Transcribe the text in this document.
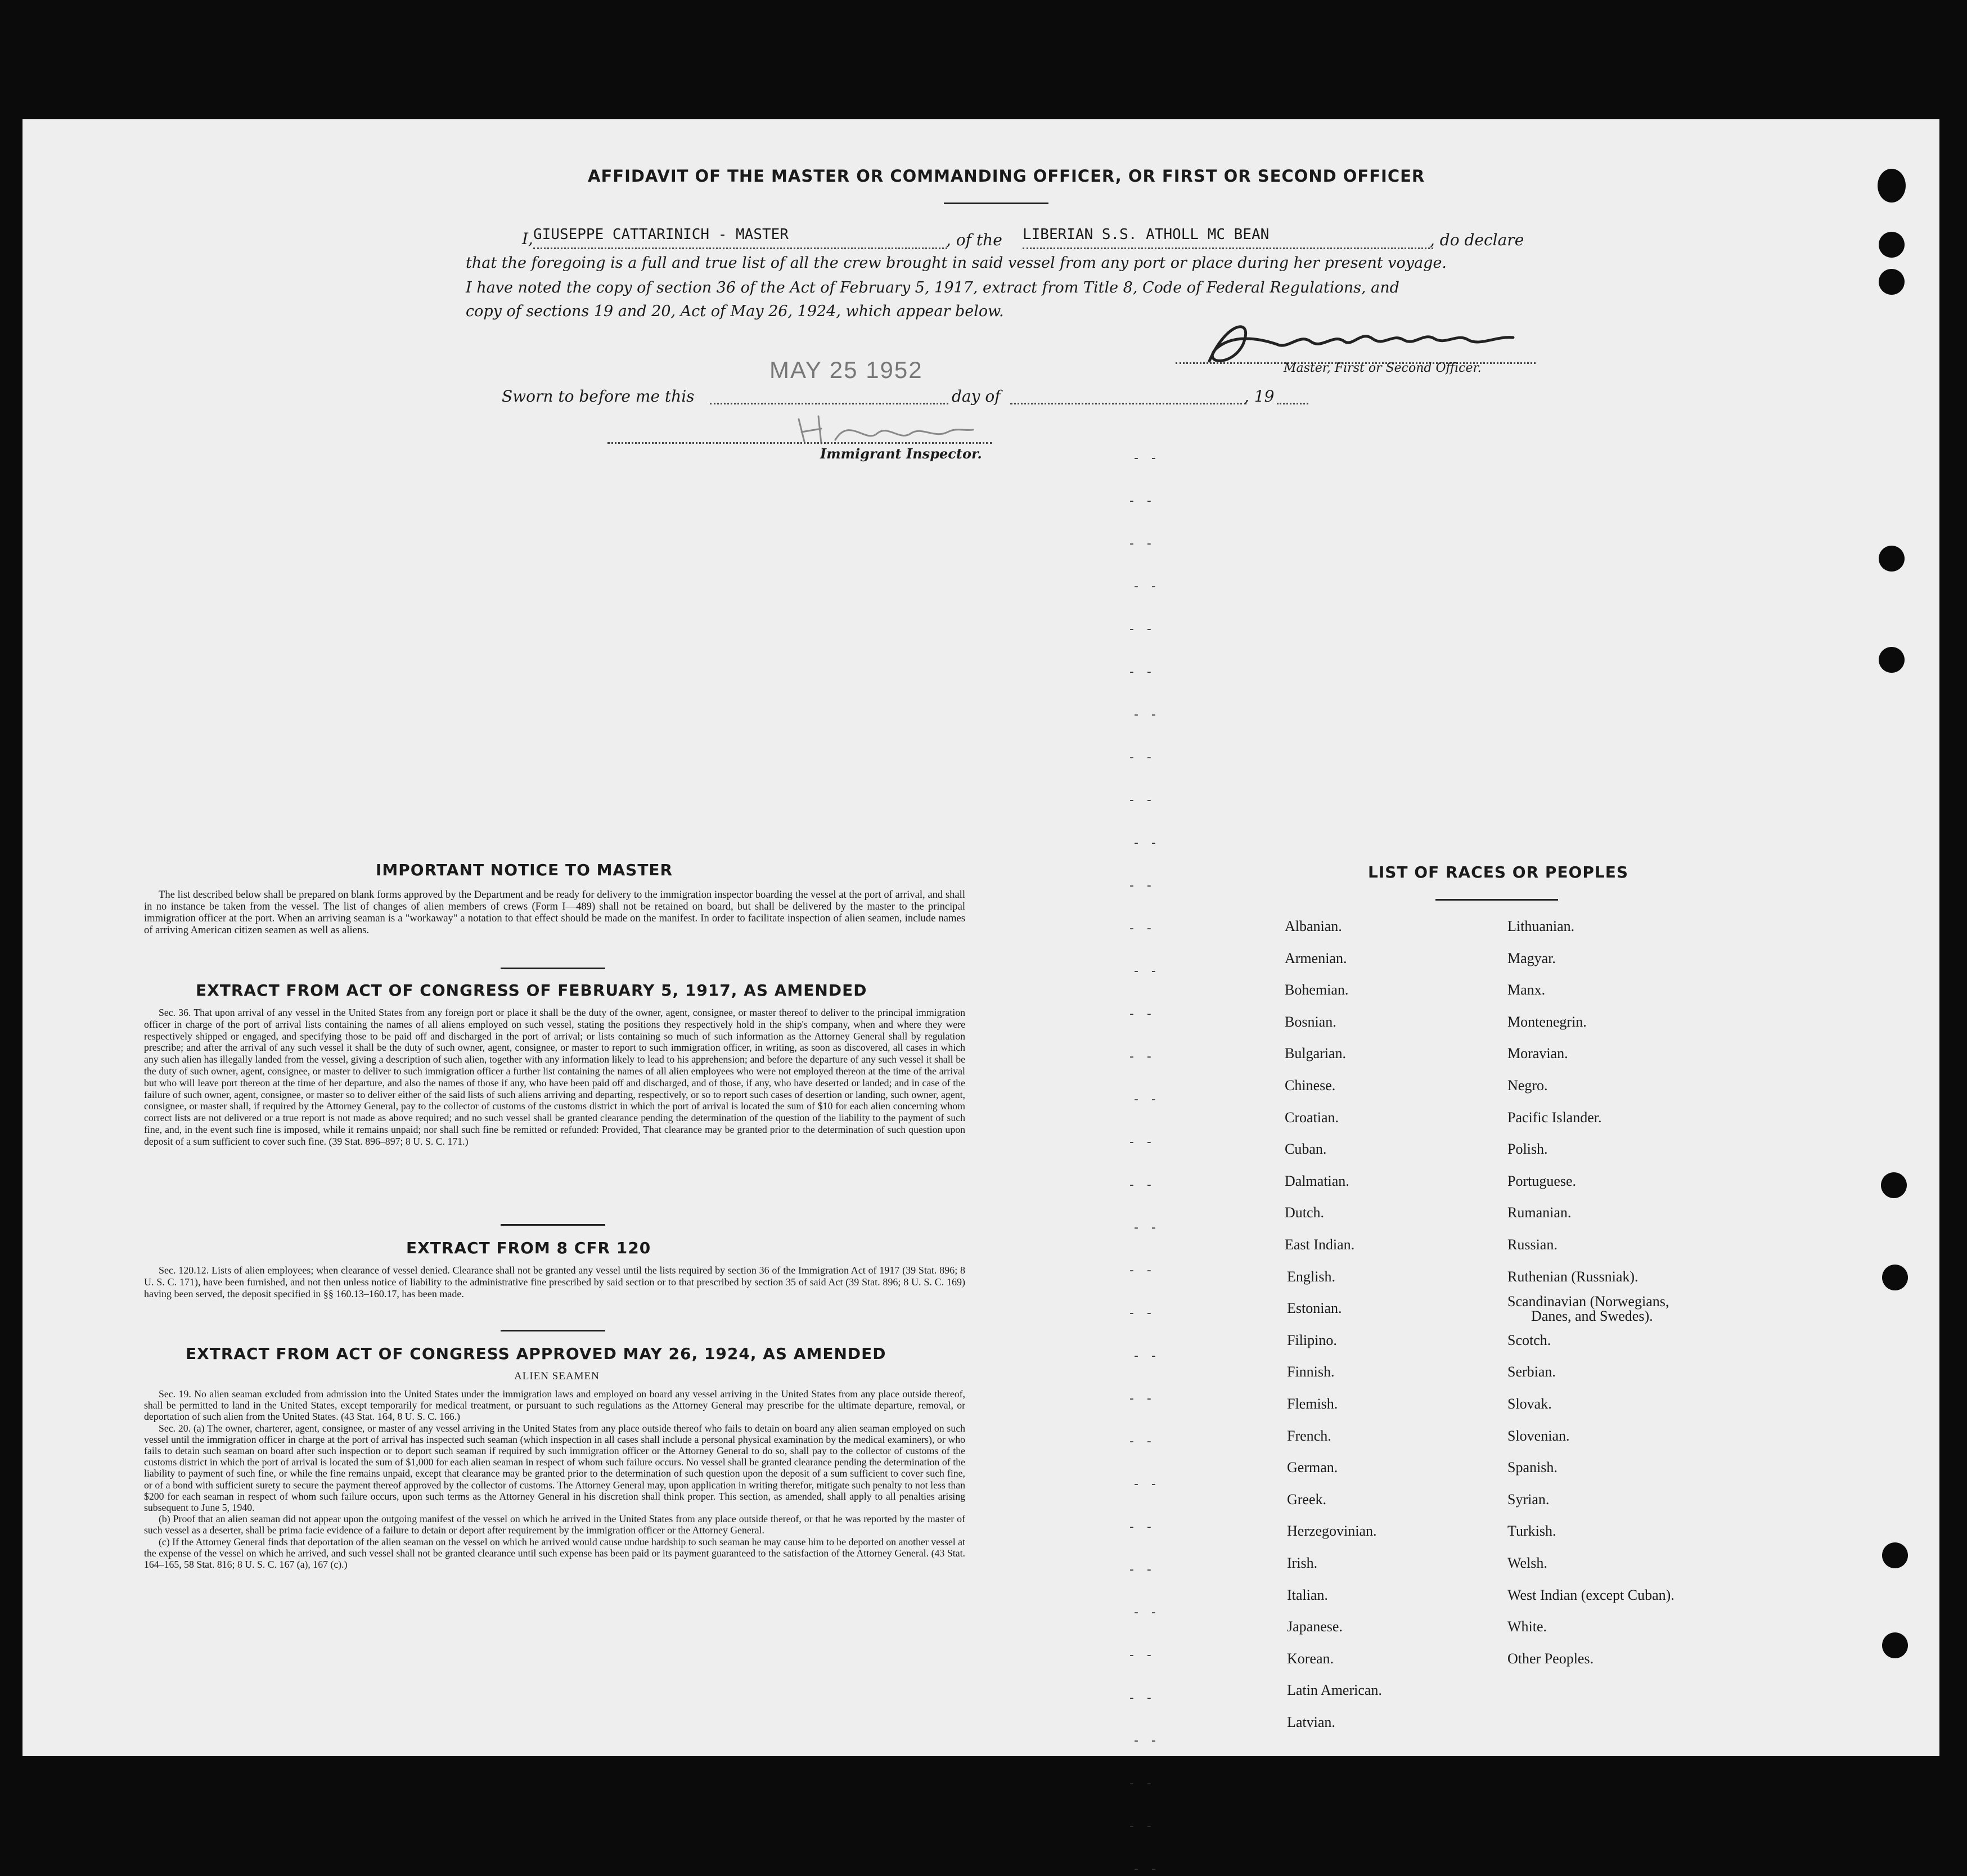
AFFIDAVIT OF THE MASTER OR COMMANDING OFFICER, OR FIRST OR SECOND OFFICER
I, GIUSEPPE CATTARINICH - MASTER	, of the LIBERIAN S.S. ATHOLL MC BEAN	, do declare
that the foregoing is a full and true list of all the crew brought in said vessel from any port or place during her present voyage.
I have noted the copy of section 36 of the Act of February 5, 1917, extract from Title 8, Code of Federal Regulations, and
copy of sections 19 and 20, Act of May 26, 1924, which appear below.
Master, First or Second Officer.
MAY 25 1952
Sworn to before me this	day of	, 19
Immigrant Inspector.
IMPORTANT NOTICE TO MASTER

The list described below shall be prepared on blank forms approved by the Department and be ready for delivery to the immigration inspector boarding the vessel at the port of arrival, and shall in no instance be taken from the vessel. The list of changes of alien members of crews (Form I—489) shall not be retained on board, but shall be delivered by the master to the principal immigration officer at the port. When an arriving seaman is a "workaway" a notation to that effect should be made on the manifest. In order to facilitate inspection of alien seamen, include names of arriving American citizen seamen as well as aliens.

EXTRACT FROM ACT OF CONGRESS OF FEBRUARY 5, 1917, AS AMENDED

Sec. 36. That upon arrival of any vessel in the United States from any foreign port or place it shall be the duty of the owner, agent, consignee, or master thereof to deliver to the principal immigration officer in charge of the port of arrival lists containing the names of all aliens employed on such vessel, stating the positions they respectively hold in the ship's company, when and where they were respectively shipped or engaged, and specifying those to be paid off and discharged in the port of arrival; or lists containing so much of such information as the Attorney General shall by regulation prescribe; and after the arrival of any such vessel it shall be the duty of such owner, agent, consignee, or master to report to such immigration officer, in writing, as soon as discovered, all cases in which any such alien has illegally landed from the vessel, giving a description of such alien, together with any information likely to lead to his apprehension; and before the departure of any such vessel it shall be the duty of such owner, agent, consignee, or master to deliver to such immigration officer a further list containing the names of all alien employees who were not employed thereon at the time of the arrival but who will leave port thereon at the time of her departure, and also the names of those if any, who have been paid off and discharged, and of those, if any, who have deserted or landed; and in case of the failure of such owner, agent, consignee, or master so to deliver either of the said lists of such aliens arriving and departing, respectively, or so to report such cases of desertion or landing, such owner, agent, consignee, or master shall, if required by the Attorney General, pay to the collector of customs of the customs district in which the port of arrival is located the sum of $10 for each alien concerning whom correct lists are not delivered or a true report is not made as above required; and no such vessel shall be granted clearance pending the determination of the question of the liability to the payment of such fine, and, in the event such fine is imposed, while it remains unpaid; nor shall such fine be remitted or refunded: Provided, That clearance may be granted prior to the determination of such question upon deposit of a sum sufficient to cover such fine. (39 Stat. 896–897; 8 U. S. C. 171.)

EXTRACT FROM 8 CFR 120

Sec. 120.12. Lists of alien employees; when clearance of vessel denied. Clearance shall not be granted any vessel until the lists required by section 36 of the Immigration Act of 1917 (39 Stat. 896; 8 U. S. C. 171), have been furnished, and not then unless notice of liability to the administrative fine prescribed by said section or to that prescribed by section 35 of said Act (39 Stat. 896; 8 U. S. C. 169) having been served, the deposit specified in §§ 160.13–160.17, has been made.

EXTRACT FROM ACT OF CONGRESS APPROVED MAY 26, 1924, AS AMENDED
ALIEN SEAMEN

Sec. 19. No alien seaman excluded from admission into the United States under the immigration laws and employed on board any vessel arriving in the United States from any place outside thereof, shall be permitted to land in the United States, except temporarily for medical treatment, or pursuant to such regulations as the Attorney General may prescribe for the ultimate departure, removal, or deportation of such alien from the United States. (43 Stat. 164, 8 U. S. C. 166.)

Sec. 20. (a) The owner, charterer, agent, consignee, or master of any vessel arriving in the United States from any place outside thereof who fails to detain on board any alien seaman employed on such vessel until the immigration officer in charge at the port of arrival has inspected such seaman (which inspection in all cases shall include a personal physical examination by the medical examiners), or who fails to detain such seaman on board after such inspection or to deport such seaman if required by such immigration officer or the Attorney General to do so, shall pay to the collector of customs of the customs district in which the port of arrival is located the sum of $1,000 for each alien seaman in respect of whom such failure occurs. No vessel shall be granted clearance pending the determination of the liability to payment of such fine, or while the fine remains unpaid, except that clearance may be granted prior to the determination of such question upon the deposit of a sum sufficient to cover such fine, or of a bond with sufficient surety to secure the payment thereof approved by the collector of customs. The Attorney General may, upon application in writing therefor, mitigate such penalty to not less than $200 for each seaman in respect of whom such failure occurs, upon such terms as the Attorney General in his discretion shall think proper. This section, as amended, shall apply to all penalties arising subsequent to June 5, 1940.

(b) Proof that an alien seaman did not appear upon the outgoing manifest of the vessel on which he arrived in the United States from any place outside thereof, or that he was reported by the master of such vessel as a deserter, shall be prima facie evidence of a failure to detain or deport after requirement by the immigration officer or the Attorney General.

(c) If the Attorney General finds that deportation of the alien seaman on the vessel on which he arrived would cause undue hardship to such seaman he may cause him to be deported on another vessel at the expense of the vessel on which he arrived, and such vessel shall not be granted clearance until such expense has been paid or its payment guaranteed to the satisfaction of the Attorney General. (43 Stat. 164–165, 58 Stat. 816; 8 U. S. C. 167 (a), 167 (c).)

LIST OF RACES OR PEOPLES
Albanian.
Armenian.
Bohemian.
Bosnian.
Bulgarian.
Chinese.
Croatian.
Cuban.
Dalmatian.
Dutch.
East Indian.
English.
Estonian.
Filipino.
Finnish.
Flemish.
French.
German.
Greek.
Herzegovinian.
Irish.
Italian.
Japanese.
Korean.
Latin American.
Latvian.
Lithuanian.
Magyar.
Manx.
Montenegrin.
Moravian.
Negro.
Pacific Islander.
Polish.
Portuguese.
Rumanian.
Russian.
Ruthenian (Russniak).
Scandinavian (Norwegians,
Danes, and Swedes).
Scotch.
Serbian.
Slovak.
Slovenian.
Spanish.
Syrian.
Turkish.
Welsh.
West Indian (except Cuban).
White.
Other Peoples.
- -
- -
- -
- -
- -
- -
- -
- -
- -
- -
- -
- -
- -
- -
- -
- -
- -
- -
- -
- -
- -
- -
- -
- -
- -
- -
- -
- -
- -
- -
- -
- -
- -
- -
